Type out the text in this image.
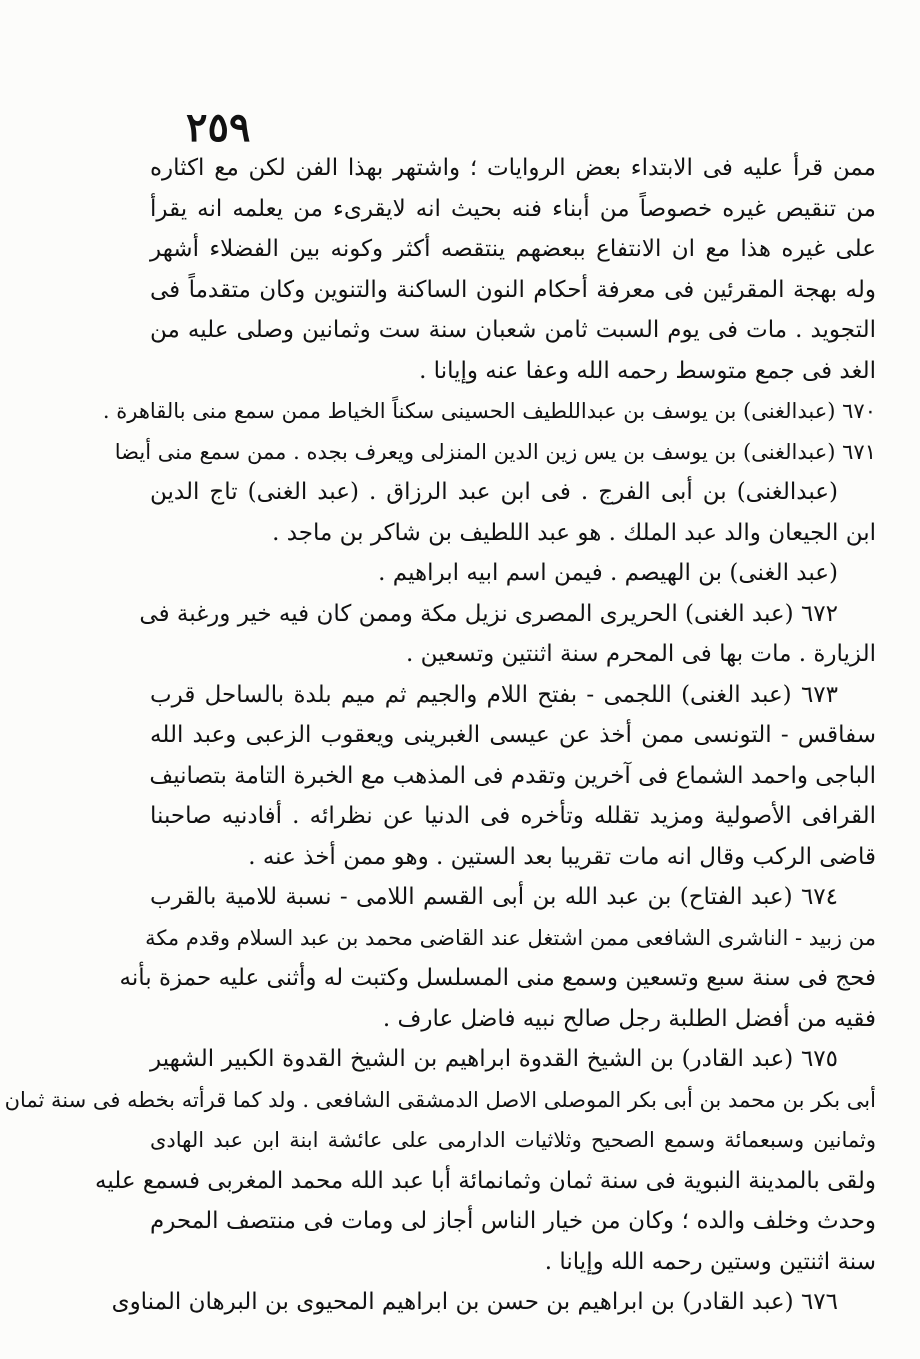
٢٥٩
ممن قرأ عليه فى الابتداء بعض الروايات ؛ واشتهر بهذا الفن لكن مع اكثاره
من تنقيص غيره خصوصاً من أبناء فنه بحيث انه لايقرىء من يعلمه انه يقرأ
على غيره هذا مع ان الانتفاع ببعضهم ينتقصه أكثر وكونه بين الفضلاء أشهر
وله بهجة المقرئين فى معرفة أحكام النون الساكنة والتنوين وكان متقدماً فى
التجويد . مات فى يوم السبت ثامن شعبان سنة ست وثمانين وصلى عليه من
الغد فى جمع متوسط رحمه الله وعفا عنه وإيانا .
٦٧٠ (عبدالغنى) بن يوسف بن عبداللطيف الحسينى سكناً الخياط ممن سمع منى بالقاهرة .
٦٧١ (عبدالغنى) بن يوسف بن يس زين الدين المنزلى ويعرف بجده . ممن سمع منى أيضا
(عبدالغنى) بن أبى الفرج . فى ابن عبد الرزاق . (عبد الغنى) تاج الدين
ابن الجيعان والد عبد الملك . هو عبد اللطيف بن شاكر بن ماجد .
(عبد الغنى) بن الهيصم . فيمن اسم ابيه ابراهيم .
٦٧٢ (عبد الغنى) الحريرى المصرى نزيل مكة وممن كان فيه خير ورغبة فى
الزيارة . مات بها فى المحرم سنة اثنتين وتسعين .
٦٧٣ (عبد الغنى) اللجمى - بفتح اللام والجيم ثم ميم بلدة بالساحل قرب
سفاقس - التونسى ممن أخذ عن عيسى الغبرينى ويعقوب الزعبى وعبد الله
الباجى واحمد الشماع فى آخرين وتقدم فى المذهب مع الخبرة التامة بتصانيف
القرافى الأصولية ومزيد تقلله وتأخره فى الدنيا عن نظرائه . أفادنيه صاحبنا
قاضى الركب وقال انه مات تقريبا بعد الستين . وهو ممن أخذ عنه .
٦٧٤ (عبد الفتاح) بن عبد الله بن أبى القسم اللامى - نسبة للامية بالقرب
من زبيد - الناشرى الشافعى ممن اشتغل عند القاضى محمد بن عبد السلام وقدم مكة
فحج فى سنة سبع وتسعين وسمع منى المسلسل وكتبت له وأثنى عليه حمزة بأنه
فقيه من أفضل الطلبة رجل صالح نبيه فاضل عارف .
٦٧٥ (عبد القادر) بن الشيخ القدوة ابراهيم بن الشيخ القدوة الكبير الشهير
أبى بكر بن محمد بن أبى بكر الموصلى الاصل الدمشقى الشافعى . ولد كما قرأته بخطه فى سنة ثمان
وثمانين وسبعمائة وسمع الصحيح وثلاثيات الدارمى على عائشة ابنة ابن عبد الهادى
ولقى بالمدينة النبوية فى سنة ثمان وثمانمائة أبا عبد الله محمد المغربى فسمع عليه
وحدث وخلف والده ؛ وكان من خيار الناس أجاز لى ومات فى منتصف المحرم
سنة اثنتين وستين رحمه الله وإيانا .
٦٧٦ (عبد القادر) بن ابراهيم بن حسن بن ابراهيم المحيوى بن البرهان المناوى
